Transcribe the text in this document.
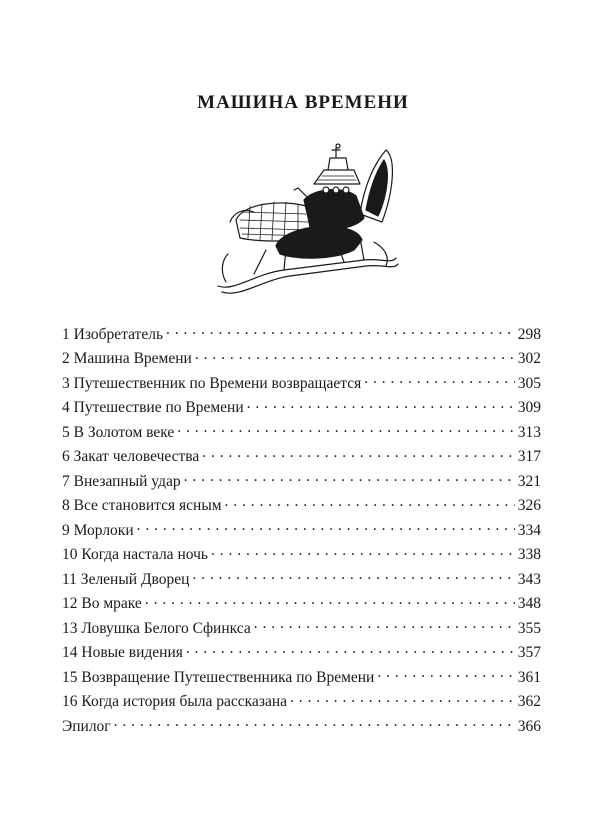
МАШИНА ВРЕМЕНИ
1 Изобретатель . . .	298
2 Машина Времени . . .	302
3 Путешественник по Времени возвращается . . .	305
4 Путешествие по Времени . . .	309
5 В Золотом веке . . .	313
6 Закат человечества . . .	317
7 Внезапный удар . . .	321
8 Все становится ясным . . .	326
9 Морлоки . . .	334
10 Когда настала ночь . . .	338
11 Зеленый Дворец . . .	343
12 Во мраке . . .	348
13 Ловушка Белого Сфинкса . . .	355
14 Новые видения . . .	357
15 Возвращение Путешественника по Времени . . .	361
16 Когда история была рассказана . . .	362
Эпилог . . .	366
